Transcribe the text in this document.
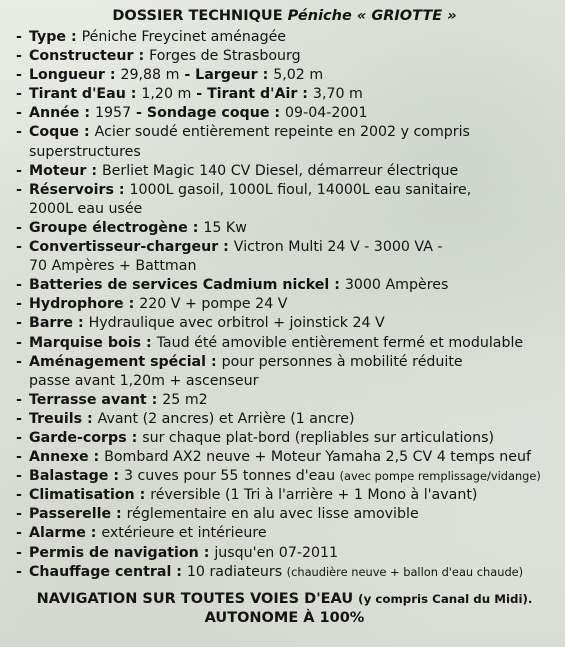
DOSSIER TECHNIQUE Péniche « GRIOTTE »
- Type : Péniche Freycinet aménagée
- Constructeur : Forges de Strasbourg
- Longueur : 29,88 m - Largeur : 5,02 m
- Tirant d'Eau : 1,20 m - Tirant d'Air : 3,70 m
- Année : 1957 - Sondage coque : 09-04-2001
- Coque : Acier soudé entièrement repeinte en 2002 y compris
superstructures
- Moteur : Berliet Magic 140 CV Diesel, démarreur électrique
- Réservoirs : 1000L gasoil, 1000L fioul, 14000L eau sanitaire,
2000L eau usée
- Groupe électrogène : 15 Kw
- Convertisseur-chargeur : Victron Multi 24 V - 3000 VA -
70 Ampères + Battman
- Batteries de services Cadmium nickel : 3000 Ampères
- Hydrophore : 220 V + pompe 24 V
- Barre : Hydraulique avec orbitrol + joinstick 24 V
- Marquise bois : Taud été amovible entièrement fermé et modulable
- Aménagement spécial : pour personnes à mobilité réduite
passe avant 1,20m + ascenseur
- Terrasse avant : 25 m2
- Treuils : Avant (2 ancres) et Arrière (1 ancre)
- Garde-corps : sur chaque plat-bord (repliables sur articulations)
- Annexe : Bombard AX2 neuve + Moteur Yamaha 2,5 CV 4 temps neuf
- Balastage : 3 cuves pour 55 tonnes d'eau (avec pompe remplissage/vidange)
- Climatisation : réversible (1 Tri à l'arrière + 1 Mono à l'avant)
- Passerelle : réglementaire en alu avec lisse amovible
- Alarme : extérieure et intérieure
- Permis de navigation : jusqu'en 07-2011
- Chauffage central : 10 radiateurs (chaudière neuve + ballon d'eau chaude)
NAVIGATION SUR TOUTES VOIES D'EAU (y compris Canal du Midi).
AUTONOME À 100%
